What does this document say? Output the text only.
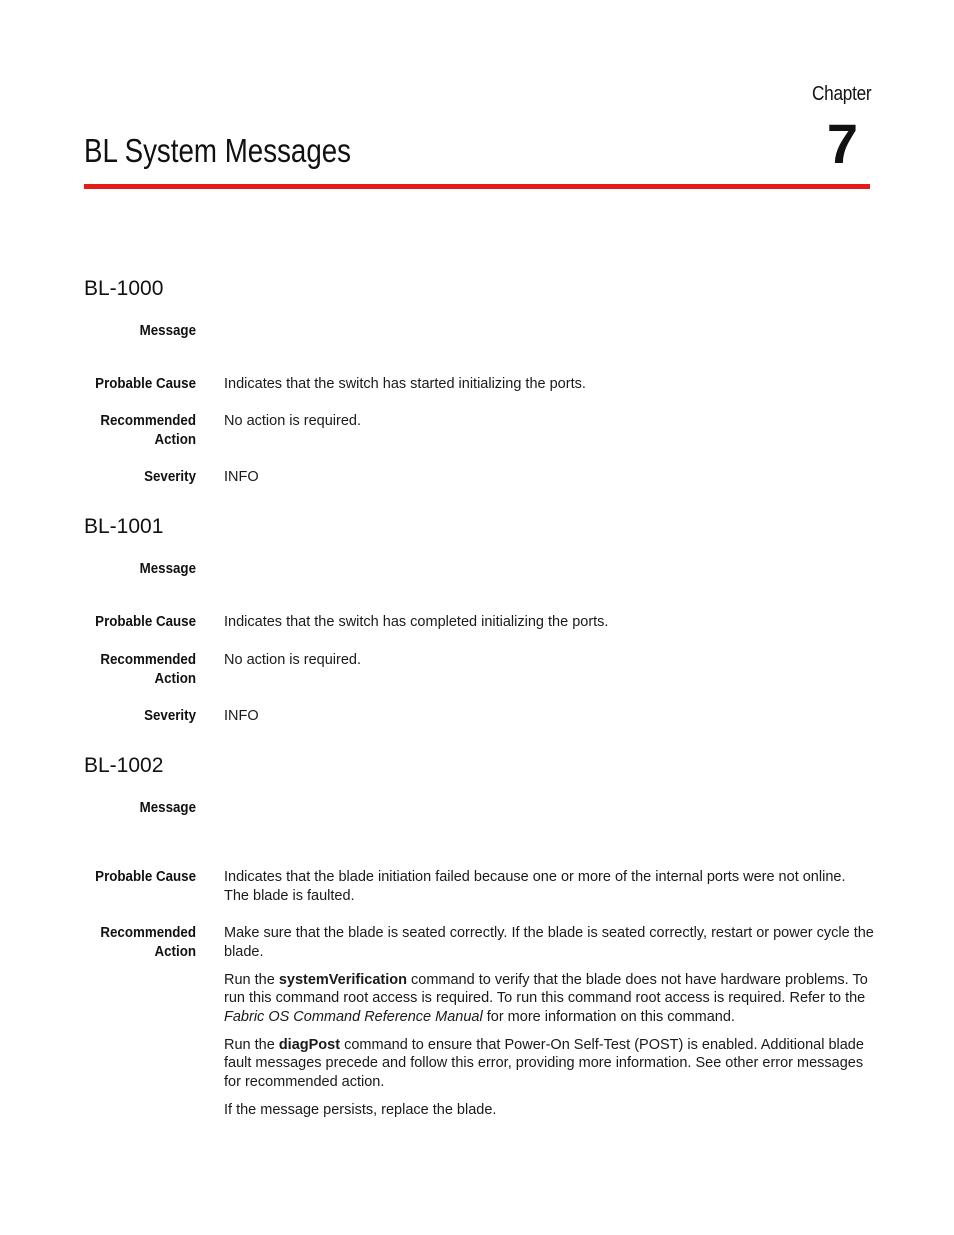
Chapter
7
BL System Messages
BL-1000
Message
Probable Cause Indicates that the switch has started initializing the ports.
Recommended
Action
No action is required.
Severity INFO
BL-1001
Message
Probable Cause Indicates that the switch has completed initializing the ports.
Recommended
Action
No action is required.
Severity INFO
BL-1002
Message
Probable Cause Indicates that the blade initiation failed because one or more of the internal ports were not online. The blade is faulted.
Recommended
Action

Make sure that the blade is seated correctly. If the blade is seated correctly, restart or power cycle the blade.

Run the systemVerification command to verify that the blade does not have hardware problems. To run this command root access is required. To run this command root access is required. Refer to the Fabric OS Command Reference Manual for more information on this command.

Run the diagPost command to ensure that Power-On Self-Test (POST) is enabled. Additional blade fault messages precede and follow this error, providing more information. See other error messages for recommended action.

If the message persists, replace the blade.
